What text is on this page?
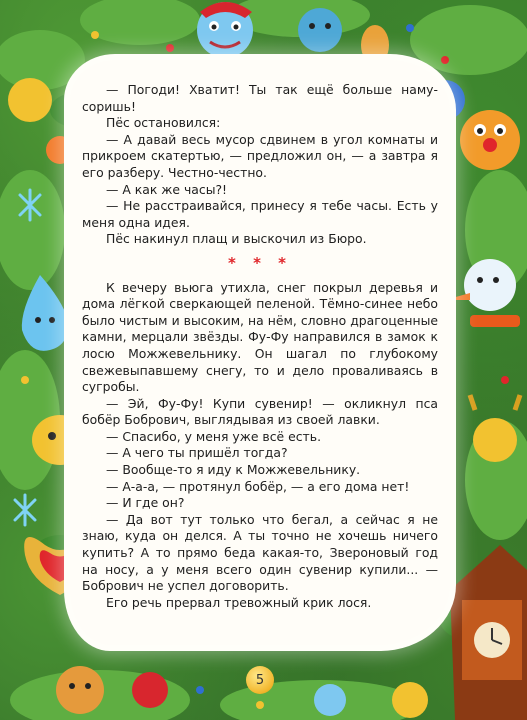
— Погоди! Хватит! Ты так ещё больше намусоришь!

Пёс остановился:

— А давай весь мусор сдвинем в угол комнаты и прикроем скатертью, — предложил он, — а завтра я его разберу. Честно-честно.

— А как же часы?!

— Не расстраивайся, принесу я тебе часы. Есть у меня одна идея.

Пёс накинул плащ и выскочил из Бюро.

* * *

К вечеру вьюга утихла, снег покрыл деревья и дома лёгкой сверкающей пеленой. Тёмно-синее небо было чистым и высоким, на нём, словно драгоценные камни, мерцали звёзды. Фу-Фу направился в замок к лосю Можжевельнику. Он шагал по глубокому свежевыпавшему снегу, то и дело проваливаясь в сугробы.

— Эй, Фу-Фу! Купи сувенир! — окликнул пса бобёр Бобрович, выглядывая из своей лавки.

— Спасибо, у меня уже всё есть.

— А чего ты пришёл тогда?

— Вообще-то я иду к Можжевельнику.

— А-а-а, — протянул бобёр, — а его дома нет!

— И где он?

— Да вот тут только что бегал, а сейчас я не знаю, куда он делся. А ты точно не хочешь ничего купить? А то прямо беда какая-то, Звероновый год на носу, а у меня всего один сувенир купили... — Бобрович не успел договорить.

Его речь прервал тревожный крик лося.

5
